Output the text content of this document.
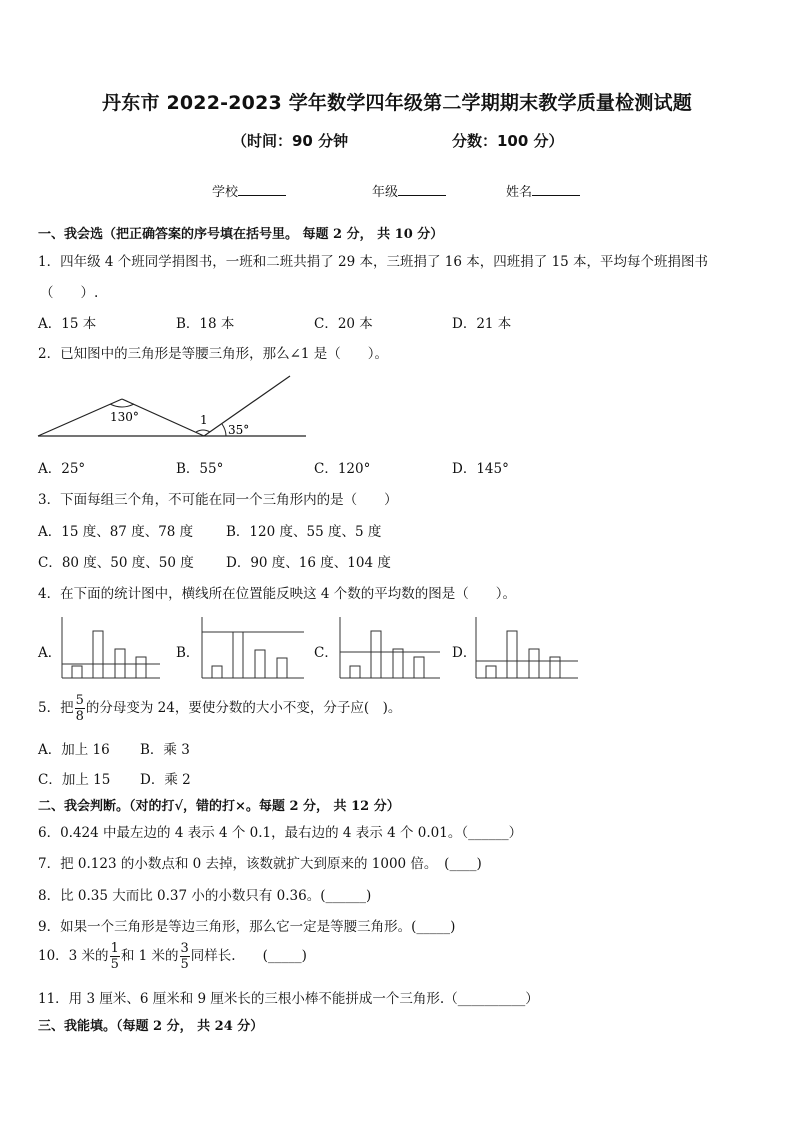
丹东市 2022-2023 学年数学四年级第二学期期末教学质量检测试题
（时间：90 分钟	分数：100 分）
学校	年级	姓名
一、我会选（把正确答案的序号填在括号里。 每题 2 分， 共 10 分）
1．四年级 4 个班同学捐图书，一班和二班共捐了 29 本，三班捐了 16 本，四班捐了 15 本，平均每个班捐图书
（　　）.
A．15 本	B．18 本	C．20 本	D．21 本
2．已知图中的三角形是等腰三角形，那么∠1 是（　　）。
130°	1
35°
A．25°	B．55°	C．120°	D．145°
3．下面每组三个角，不可能在同一个三角形内的是（　　）
A．15 度、87 度、78 度 B．120 度、55 度、5 度
C．80 度、50 度、50 度 D．90 度、16 度、104 度
4．在下面的统计图中，横线所在位置能反映这 4 个数的平均数的图是（　　）。
A．	B．	C．	D．
5．把 $\frac{5}{8}$ 的分母变为 24，要使分数的大小不变，分子应(　)。
A．加上 16 B．乘 3
C．加上 15 D．乘 2
二、我会判断。（对的打√，错的打×。每题 2 分， 共 12 分）
6．0.424 中最左边的 4 表示 4 个 0.1，最右边的 4 表示 4 个 0.01。（______）
7．把 0.123 的小数点和 0 去掉，该数就扩大到原来的 1000 倍。　(____)
8．比 0.35 大而比 0.37 小的小数只有 0.36。(______)
9．如果一个三角形是等边三角形，那么它一定是等腰三角形。(_____)
10．3 米的 $\frac{1}{5}$ 和 1 米的 $\frac{3}{5}$ 同样长.　　(_____)
11．用 3 厘米、6 厘米和 9 厘米长的三根小棒不能拼成一个三角形.（__________）
三、我能填。（每题 2 分， 共 24 分）
